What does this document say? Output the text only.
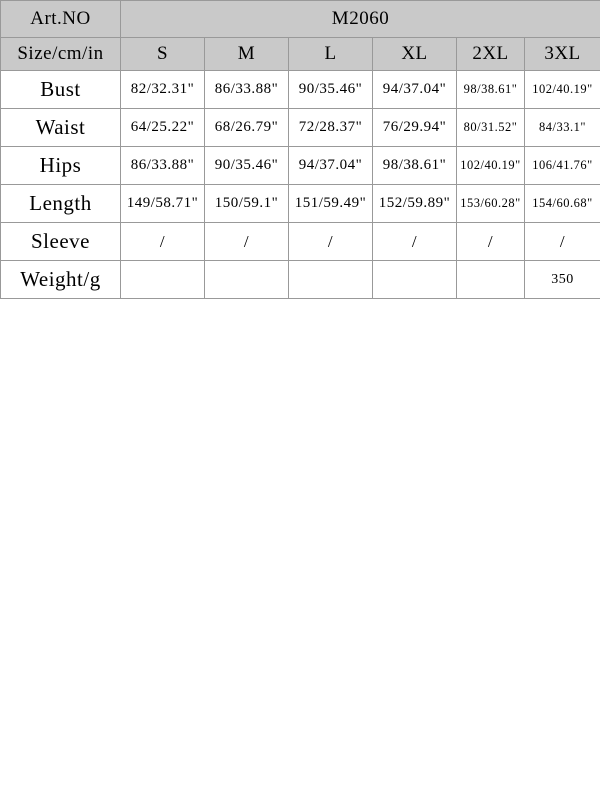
Art.NO	M2060					
Size/cm/in	S	M	L	XL	2XL	3XL
Bust	82/32.31"	86/33.88"	90/35.46"	94/37.04"	98/38.61"	102/40.19"
Waist	64/25.22"	68/26.79"	72/28.37"	76/29.94"	80/31.52"	84/33.1"
Hips	86/33.88"	90/35.46"	94/37.04"	98/38.61"	102/40.19"	106/41.76"
Length	149/58.71"	150/59.1"	151/59.49"	152/59.89"	153/60.28"	154/60.68"
Sleeve	/	/	/	/	/	/
Weight/g						350
